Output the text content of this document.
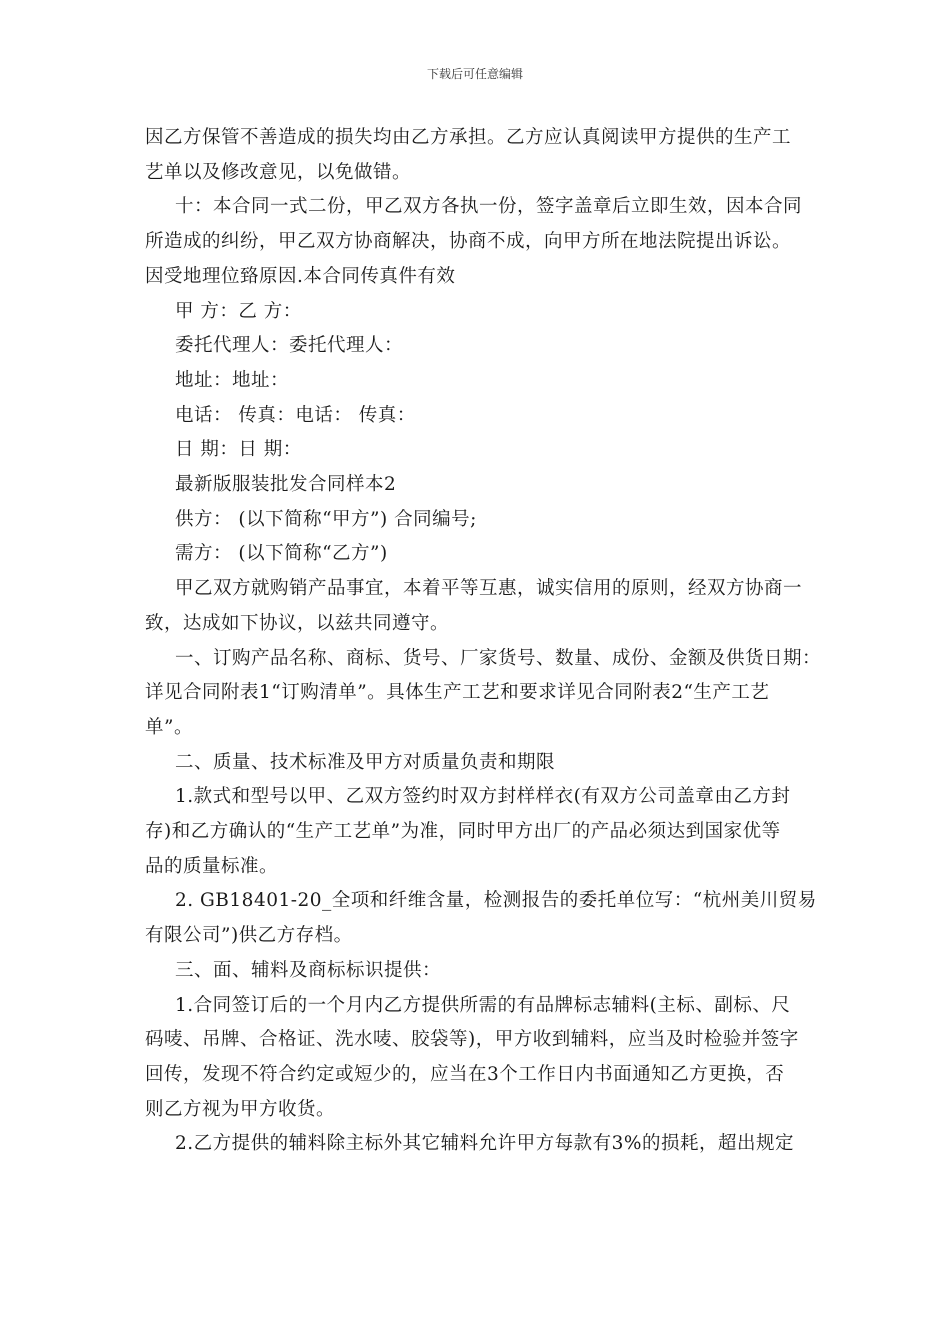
下载后可任意编辑
因乙方保管不善造成的损失均由乙方承担。乙方应认真阅读甲方提供的生产工
艺单以及修改意见，以免做错。
十：本合同一式二份，甲乙双方各执一份，签字盖章后立即生效，因本合同
所造成的纠纷，甲乙双方协商解决，协商不成，向甲方所在地法院提出诉讼。
因受地理位臵原因.本合同传真件有效
甲 方：乙 方：
委托代理人：委托代理人：
地址：地址：
电话： 传真：电话： 传真：
日 期：日 期：
最新版服装批发合同样本2
供方： (以下简称“甲方”) 合同编号;
需方： (以下简称“乙方”)
甲乙双方就购销产品事宜，本着平等互惠，诚实信用的原则，经双方协商一
致，达成如下协议，以兹共同遵守。
一、订购产品名称、商标、货号、厂家货号、数量、成份、金额及供货日期：
详见合同附表1“订购清单”。具体生产工艺和要求详见合同附表2“生产工艺
单”。
二、质量、技术标准及甲方对质量负责和期限
1.款式和型号以甲、乙双方签约时双方封样样衣(有双方公司盖章由乙方封
存)和乙方确认的“生产工艺单”为准，同时甲方出厂的产品必须达到国家优等
品的质量标准。
2. GB18401-20_全项和纤维含量，检测报告的委托单位写：“杭州美川贸易
有限公司”)供乙方存档。
三、面、辅料及商标标识提供：
1.合同签订后的一个月内乙方提供所需的有品牌标志辅料(主标、副标、尺
码唛、吊牌、合格证、洗水唛、胶袋等)，甲方收到辅料，应当及时检验并签字
回传，发现不符合约定或短少的，应当在3个工作日内书面通知乙方更换，否
则乙方视为甲方收货。
2.乙方提供的辅料除主标外其它辅料允许甲方每款有3%的损耗，超出规定
